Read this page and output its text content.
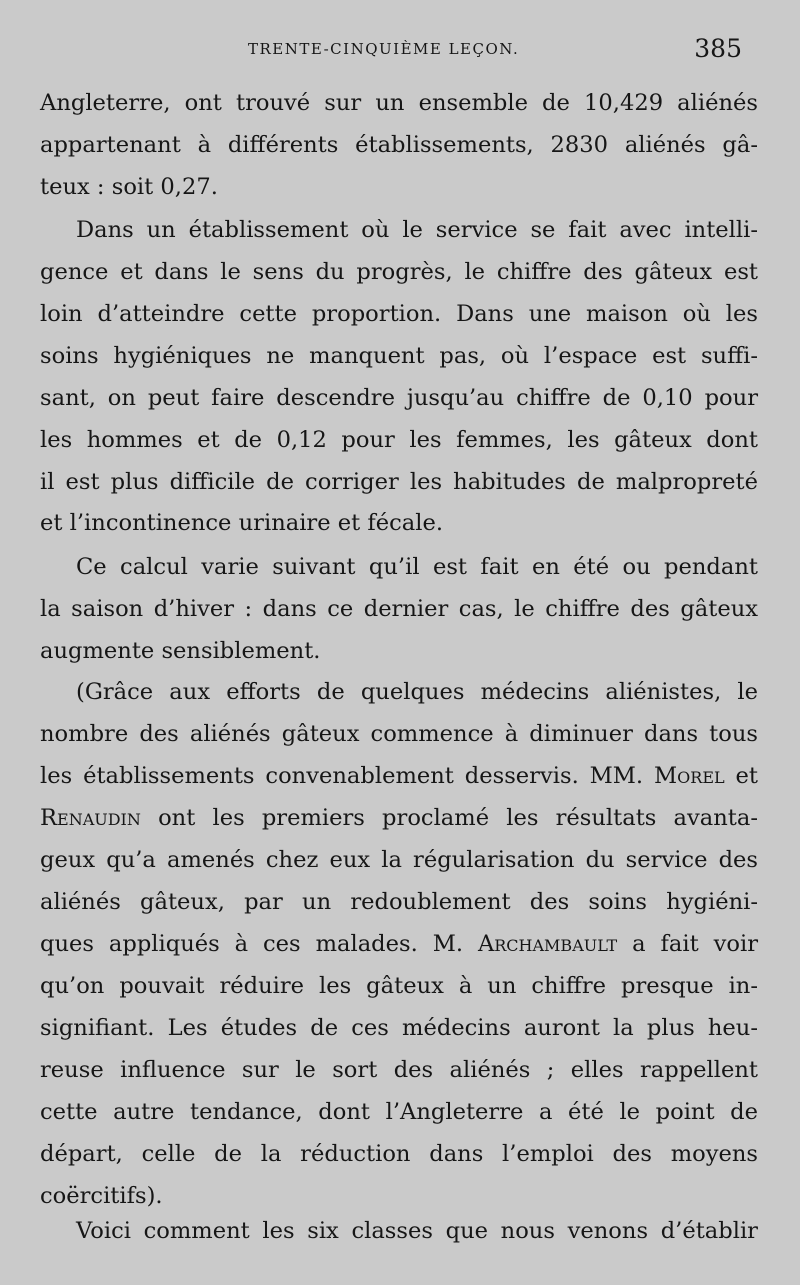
TRENTE-CINQUIÈME LEÇON.	385
Angleterre, ont trouvé sur un ensemble de 10,429 aliénés
appartenant à différents établissements, 2830 aliénés gâ-
teux : soit 0,27.
Dans un établissement où le service se fait avec intelli-
gence et dans le sens du progrès, le chiffre des gâteux est
loin d’atteindre cette proportion. Dans une maison où les
soins hygiéniques ne manquent pas, où l’espace est suffi-
sant, on peut faire descendre jusqu’au chiffre de 0,10 pour
les hommes et de 0,12 pour les femmes, les gâteux dont
il est plus difficile de corriger les habitudes de malpropreté
et l’incontinence urinaire et fécale.
Ce calcul varie suivant qu’il est fait en été ou pendant
la saison d’hiver : dans ce dernier cas, le chiffre des gâteux
augmente sensiblement.
(Grâce aux efforts de quelques médecins aliénistes, le
nombre des aliénés gâteux commence à diminuer dans tous
les établissements convenablement desservis. MM. Morel et
Renaudin ont les premiers proclamé les résultats avanta-
geux qu’a amenés chez eux la régularisation du service des
aliénés gâteux, par un redoublement des soins hygiéni-
ques appliqués à ces malades. M. Archambault a fait voir
qu’on pouvait réduire les gâteux à un chiffre presque in-
signifiant. Les études de ces médecins auront la plus heu-
reuse influence sur le sort des aliénés ; elles rappellent
cette autre tendance, dont l’Angleterre a été le point de
départ, celle de la réduction dans l’emploi des moyens
coërcitifs).
Voici comment les six classes que nous venons d’établir
